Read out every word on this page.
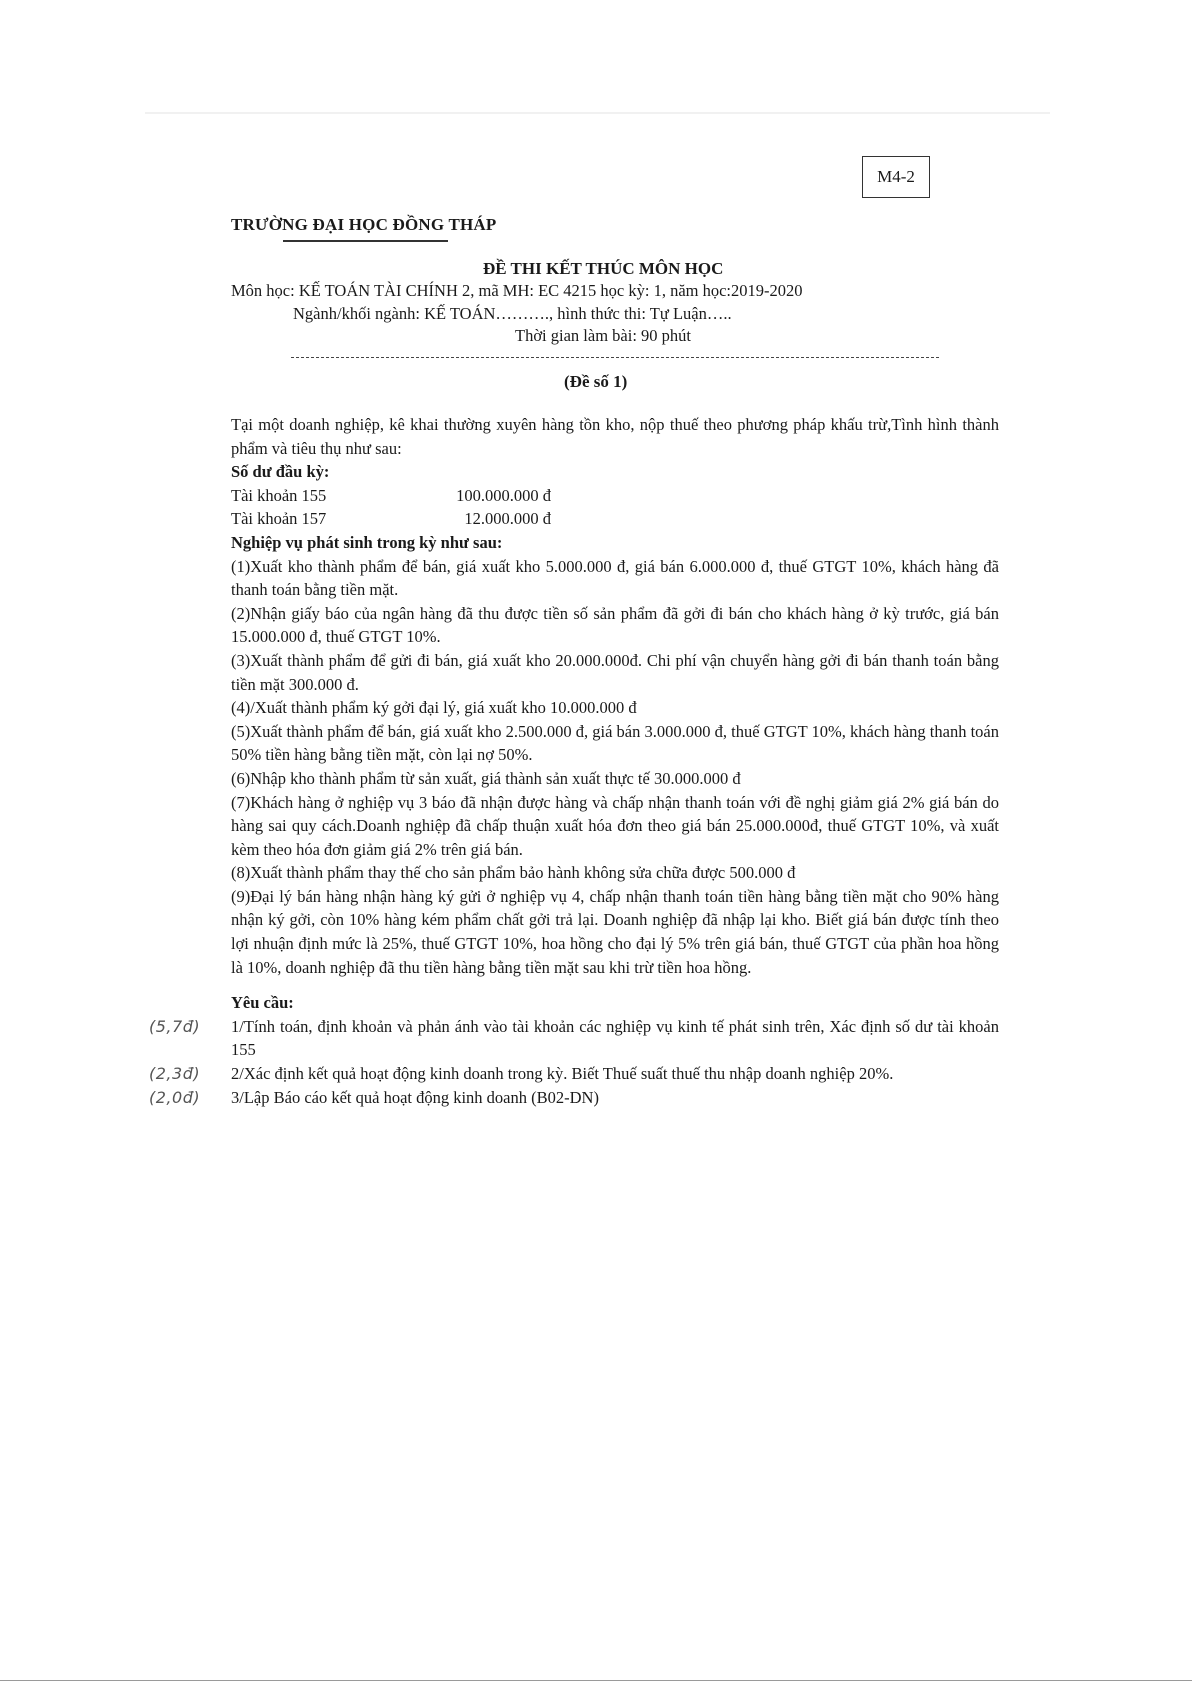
M4-2
TRƯỜNG ĐẠI HỌC ĐỒNG THÁP
ĐỀ THI KẾT THÚC MÔN HỌC
Môn học: KẾ TOÁN TÀI CHÍNH 2, mã MH: EC 4215 học kỳ: 1, năm học:2019-2020
Ngành/khối ngành: KẾ TOÁN………., hình thức thi: Tự Luận…..
Thời gian làm bài: 90 phút
(Đề số 1)

Tại một doanh nghiệp, kê khai thường xuyên hàng tồn kho, nộp thuế theo phương pháp khấu trừ,Tình hình thành phẩm và tiêu thụ như sau:

Số dư đầu kỳ:

Tài khoản 155	100.000.000 đ
Tài khoản 157	12.000.000 đ

Nghiệp vụ phát sinh trong kỳ như sau:

(1)Xuất kho thành phẩm để bán, giá xuất kho 5.000.000 đ, giá bán 6.000.000 đ, thuế GTGT 10%, khách hàng đã thanh toán bằng tiền mặt.

(2)Nhận giấy báo của ngân hàng đã thu được tiền số sản phẩm đã gởi đi bán cho khách hàng ở kỳ trước, giá bán 15.000.000 đ, thuế GTGT 10%.

(3)Xuất thành phẩm để gửi đi bán, giá xuất kho 20.000.000đ. Chi phí vận chuyển hàng gởi đi bán thanh toán bằng tiền mặt 300.000 đ.

(4)/Xuất thành phẩm ký gởi đại lý, giá xuất kho 10.000.000 đ

(5)Xuất thành phẩm để bán, giá xuất kho 2.500.000 đ, giá bán 3.000.000 đ, thuế GTGT 10%, khách hàng thanh toán 50% tiền hàng bằng tiền mặt, còn lại nợ 50%.

(6)Nhập kho thành phẩm từ sản xuất, giá thành sản xuất thực tế 30.000.000 đ

(7)Khách hàng ở nghiệp vụ 3 báo đã nhận được hàng và chấp nhận thanh toán với đề nghị giảm giá 2% giá bán do hàng sai quy cách.Doanh nghiệp đã chấp thuận xuất hóa đơn theo giá bán 25.000.000đ, thuế GTGT 10%, và xuất kèm theo hóa đơn giảm giá 2% trên giá bán.

(8)Xuất thành phẩm thay thế cho sản phẩm bảo hành không sửa chữa được 500.000 đ

(9)Đại lý bán hàng nhận hàng ký gửi ở nghiệp vụ 4, chấp nhận thanh toán tiền hàng bằng tiền mặt cho 90% hàng nhận ký gởi, còn 10% hàng kém phẩm chất gởi trả lại. Doanh nghiệp đã nhập lại kho. Biết giá bán được tính theo lợi nhuận định mức là 25%, thuế GTGT 10%, hoa hồng cho đại lý 5% trên giá bán, thuế GTGT của phần hoa hồng là 10%, doanh nghiệp đã thu tiền hàng bằng tiền mặt sau khi trừ tiền hoa hồng.

Yêu cầu:

(5,7đ) 1/Tính toán, định khoản và phản ánh vào tài khoản các nghiệp vụ kinh tế phát sinh trên, Xác định số dư tài khoản 155

(2,3đ) 2/Xác định kết quả hoạt động kinh doanh trong kỳ. Biết Thuế suất thuế thu nhập doanh nghiệp 20%.

(2,0đ) 3/Lập Báo cáo kết quả hoạt động kinh doanh (B02-DN)
